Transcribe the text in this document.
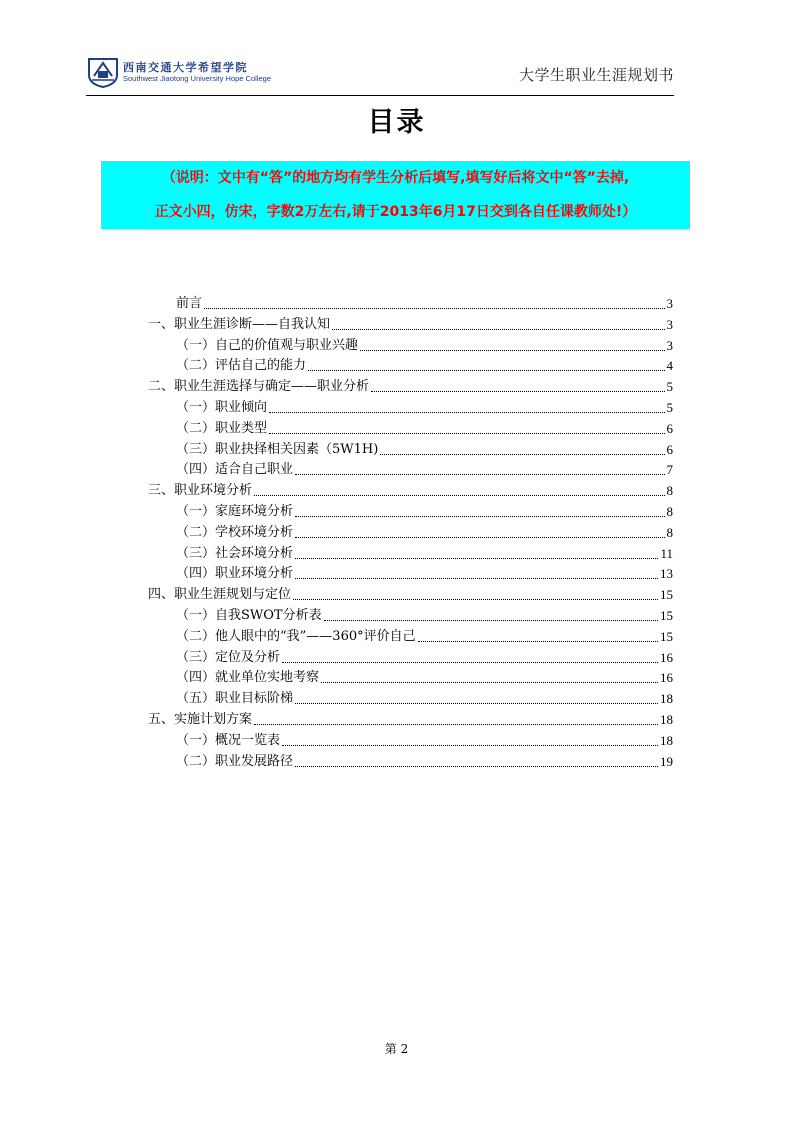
西南交通大学希望学院
Southwest Jiaotong University Hope College	大学生职业生涯规划书
目录
（说明：文中有“答”的地方均有学生分析后填写,填写好后将文中“答”去掉,
正文小四，仿宋，字数2万左右,请于2013年6月17日交到各自任课教师处!）
前言	3
一、职业生涯诊断——自我认知	3
（一）自己的价值观与职业兴趣	3
（二）评估自己的能力	4
二、职业生涯选择与确定——职业分析	5
（一）职业倾向	5
（二）职业类型	6
（三）职业抉择相关因素（5W1H)	6
（四）适合自己职业	7
三、职业环境分析	8
（一）家庭环境分析	8
（二）学校环境分析	8
（三）社会环境分析	11
（四）职业环境分析	13
四、职业生涯规划与定位	15
（一）自我SWOT分析表	15
（二）他人眼中的“我”——360°评价自己	15
（三）定位及分析	16
（四）就业单位实地考察	16
（五）职业目标阶梯	18
五、实施计划方案	18
（一）概况一览表	18
（二）职业发展路径	19
第 2
